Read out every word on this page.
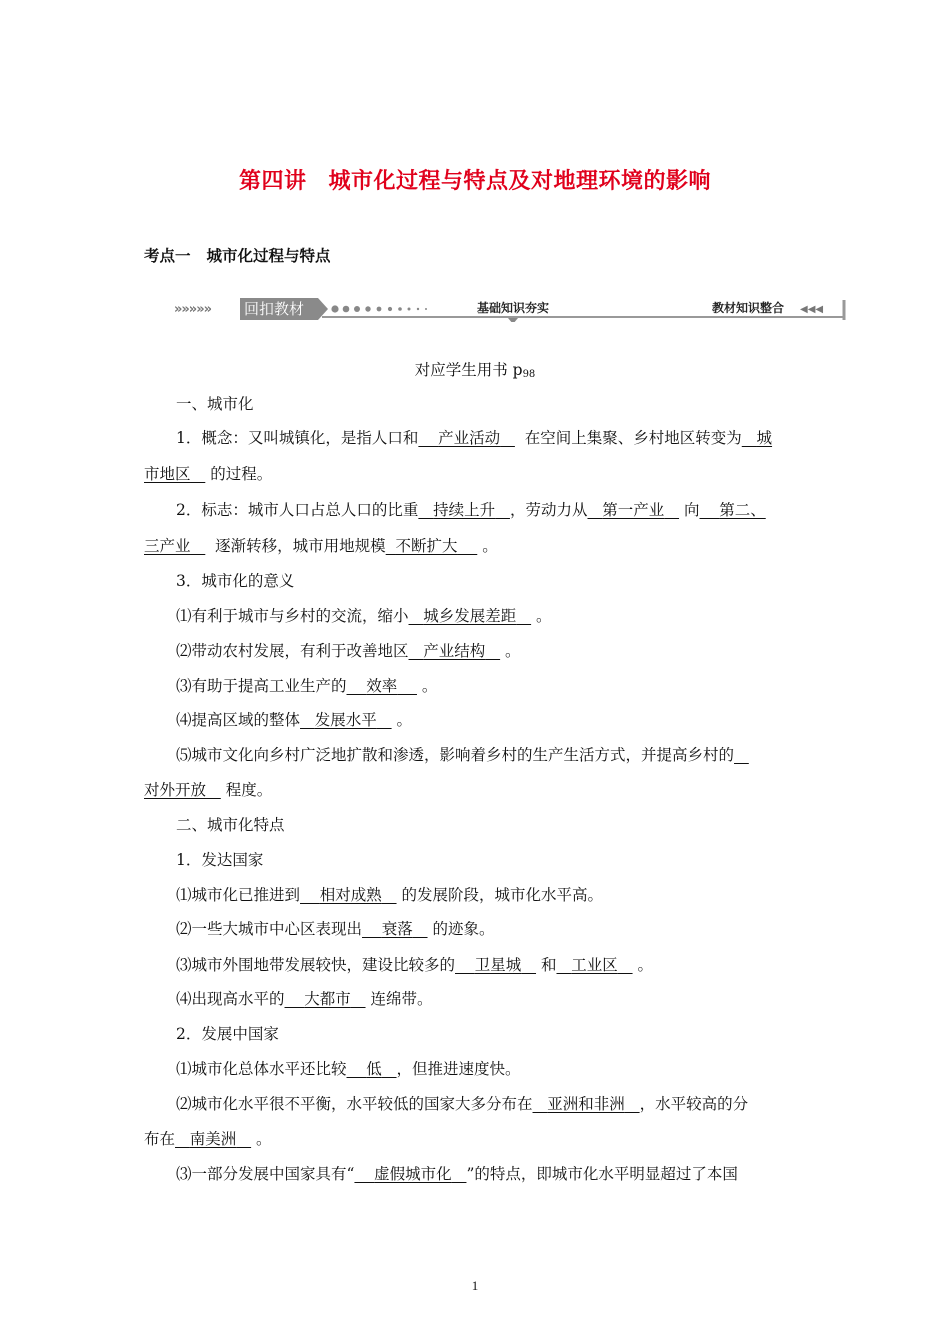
第四讲 城市化过程与特点及对地理环境的影响
考点一 城市化过程与特点
»»»»» 回扣教材	基础知识夯实	教材知识整合 ◀◀◀
对应学生用书 $p_{98}$
一、城市化
1．概念：又叫城镇化，是指人口和 产业活动 在空间上集聚、乡村地区转变为 城
市地区 的过程。
2．标志：城市人口占总人口的比重 持续上升 ，劳动力从 第一产业 向 第二、
三产业 逐渐转移，城市用地规模 不断扩大 。
3．城市化的意义
⑴有利于城市与乡村的交流，缩小 城乡发展差距 。
⑵带动农村发展，有利于改善地区 产业结构 。
⑶有助于提高工业生产的 效率 。
⑷提高区域的整体 发展水平 。
⑸城市文化向乡村广泛地扩散和渗透，影响着乡村的生产生活方式，并提高乡村的
对外开放 程度。
二、城市化特点
1．发达国家
⑴城市化已推进到 相对成熟 的发展阶段，城市化水平高。
⑵一些大城市中心区表现出 衰落 的迹象。
⑶城市外围地带发展较快，建设比较多的 卫星城 和 工业区 。
⑷出现高水平的 大都市 连绵带。
2．发展中国家
⑴城市化总体水平还比较 低 ，但推进速度快。
⑵城市化水平很不平衡，水平较低的国家大多分布在 亚洲和非洲 ，水平较高的分
布在 南美洲 。
⑶一部分发展中国家具有“ 虚假城市化 ”的特点，即城市化水平明显超过了本国
1
